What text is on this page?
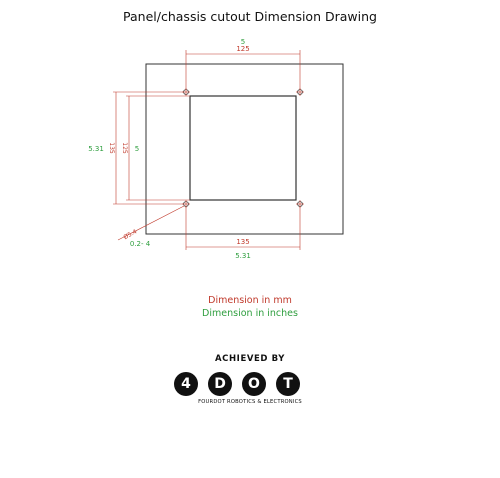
Panel/chassis cutout Dimension Drawing
5
125
135
5.31	125 5
135
5.31
Ø5.4
0.2- 4
Dimension in mm
Dimension in inches
ACHIEVED BY
4	D	O	T
FOURDOT ROBOTICS & ELECTRONICS
